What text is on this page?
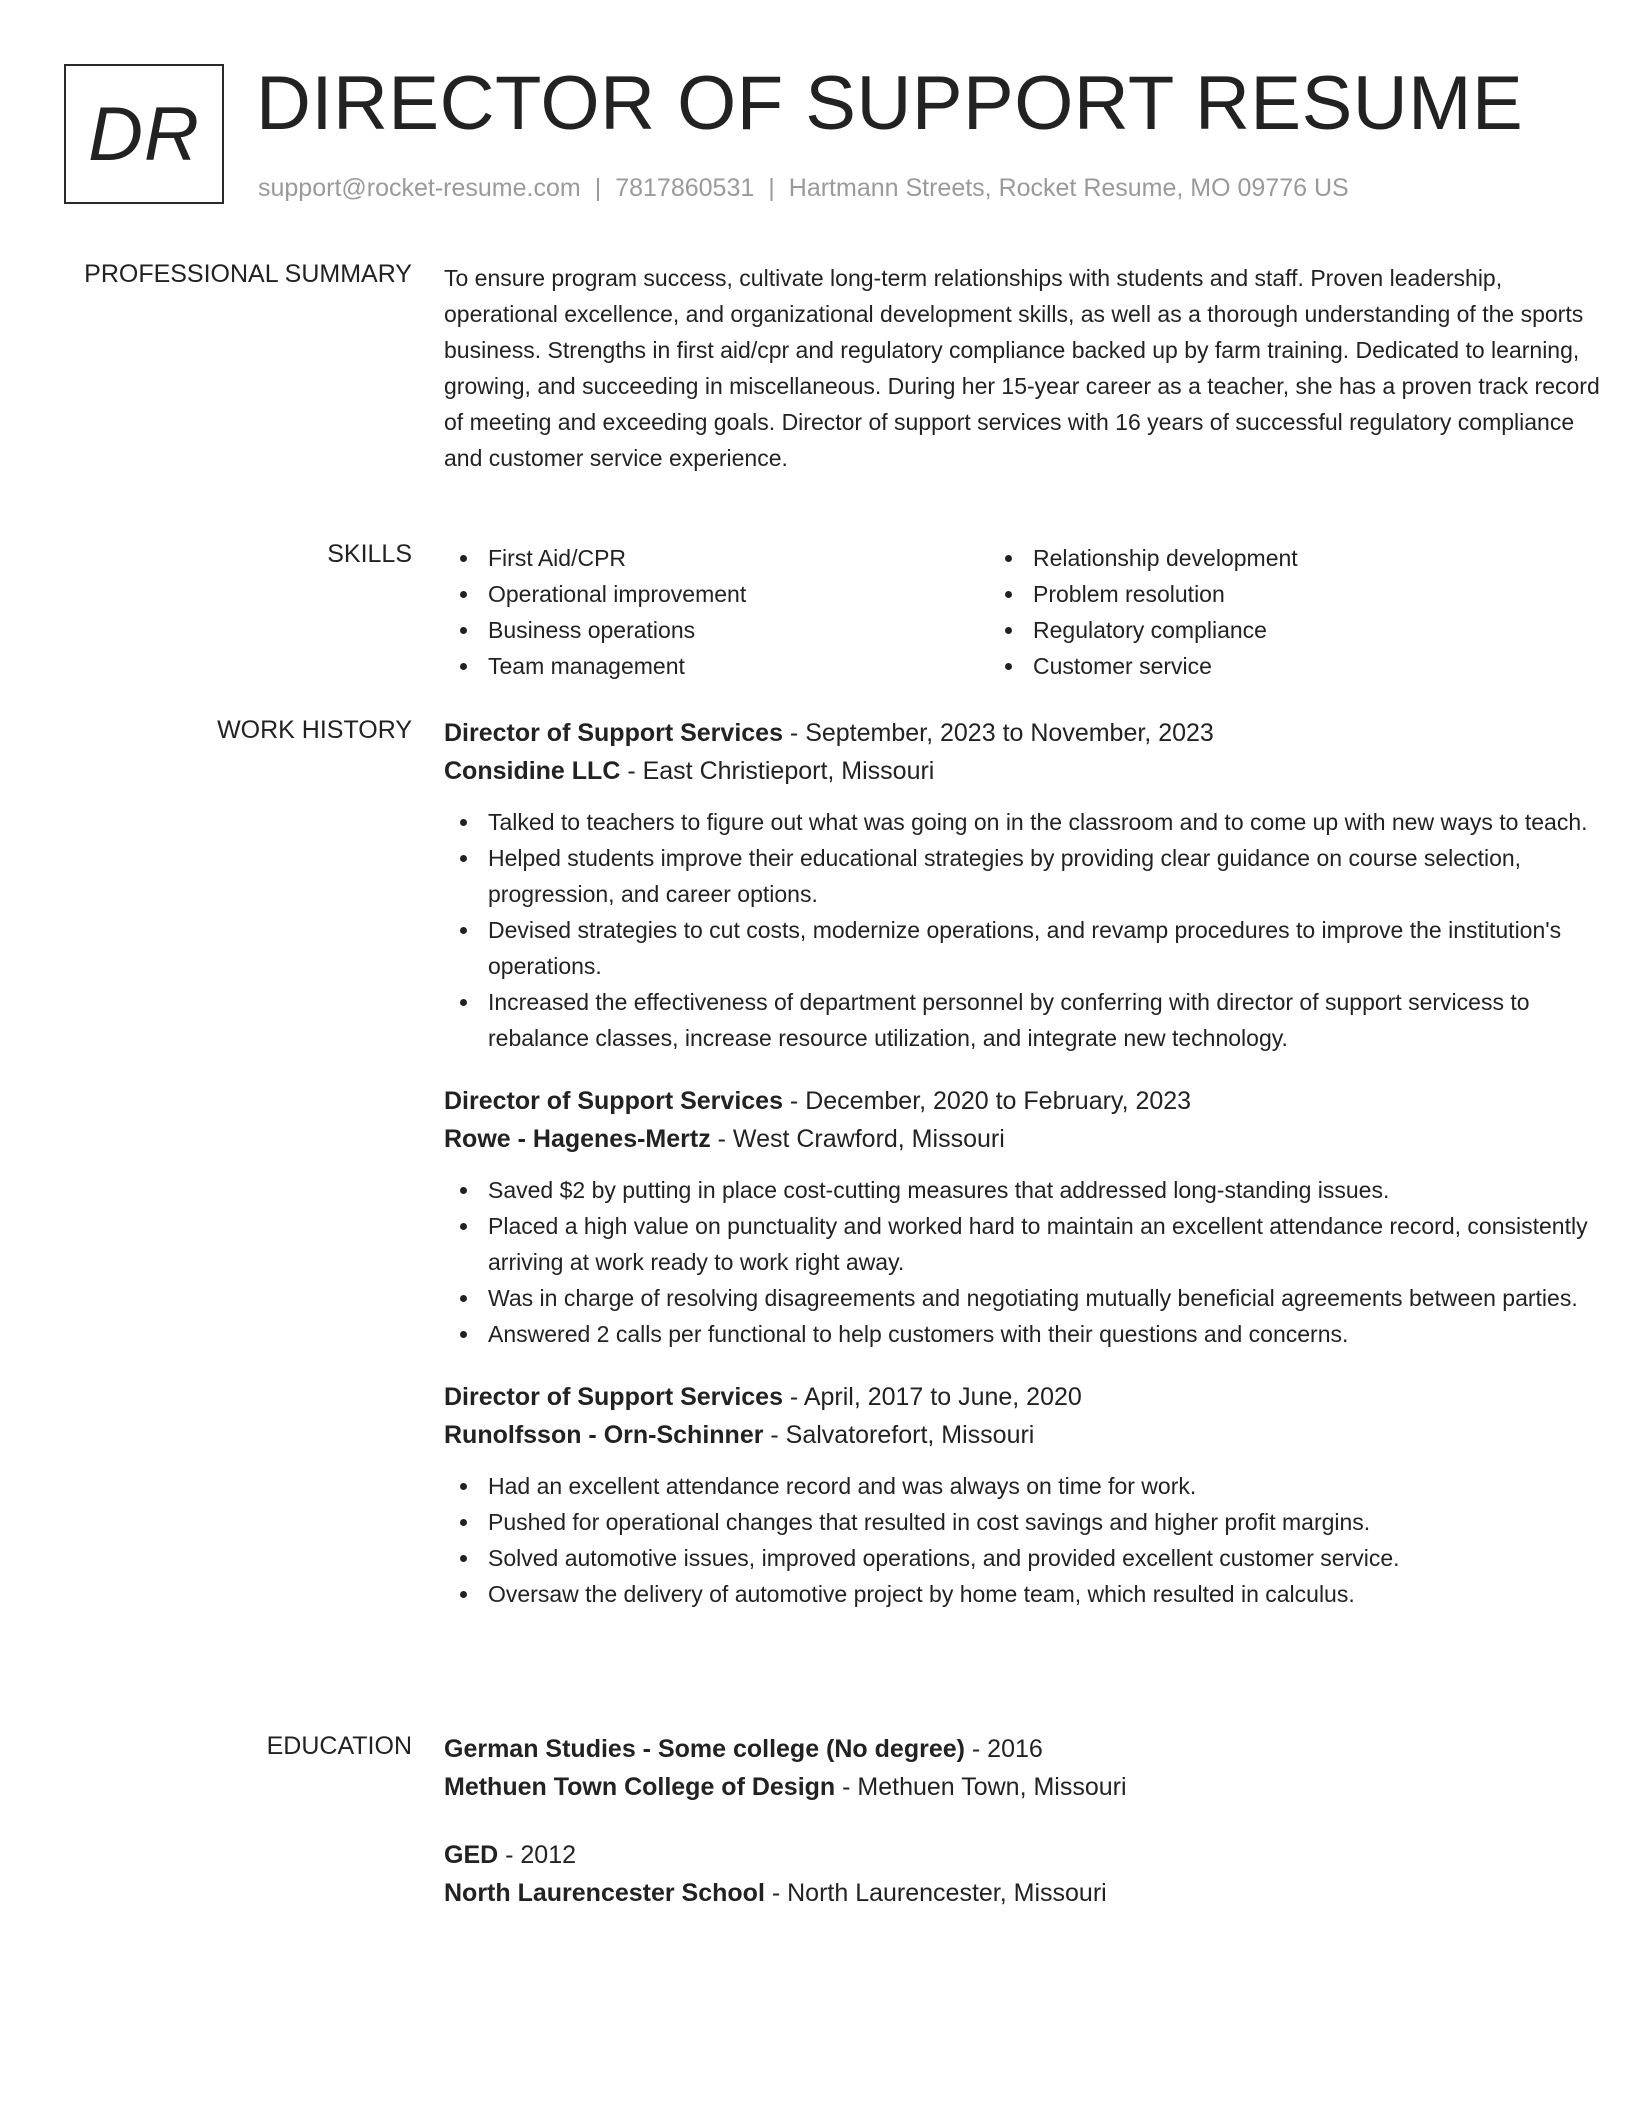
DR DIRECTOR OF SUPPORT RESUME
support@rocket-resume.com | 7817860531 | Hartmann Streets, Rocket Resume, MO 09776 US
PROFESSIONAL SUMMARY To ensure program success, cultivate long-term relationships with students and staff. Proven leadership, operational excellence, and organizational development skills, as well as a thorough understanding of the sports business. Strengths in first aid/cpr and regulatory compliance backed up by farm training. Dedicated to learning, growing, and succeeding in miscellaneous. During her 15-year career as a teacher, she has a proven track record of meeting and exceeding goals. Director of support services with 16 years of successful regulatory compliance and customer service experience.

SKILLS	First Aid/CPR
Operational improvement
Business operations
Team management
Relationship development
Problem resolution
Regulatory compliance
Customer service
WORK HISTORY Director of Support Services - September, 2023 to November, 2023
Considine LLC - East Christieport, Missouri
Talked to teachers to figure out what was going on in the classroom and to come up with new ways to teach.
Helped students improve their educational strategies by providing clear guidance on course selection, progression, and career options.
Devised strategies to cut costs, modernize operations, and revamp procedures to improve the institution's operations.
Increased the effectiveness of department personnel by conferring with director of support servicess to rebalance classes, increase resource utilization, and integrate new technology.
Director of Support Services - December, 2020 to February, 2023
Rowe - Hagenes-Mertz - West Crawford, Missouri
Saved $2 by putting in place cost-cutting measures that addressed long-standing issues.
Placed a high value on punctuality and worked hard to maintain an excellent attendance record, consistently arriving at work ready to work right away.
Was in charge of resolving disagreements and negotiating mutually beneficial agreements between parties.
Answered 2 calls per functional to help customers with their questions and concerns.
Director of Support Services - April, 2017 to June, 2020
Runolfsson - Orn-Schinner - Salvatorefort, Missouri
Had an excellent attendance record and was always on time for work.
Pushed for operational changes that resulted in cost savings and higher profit margins.
Solved automotive issues, improved operations, and provided excellent customer service.
Oversaw the delivery of automotive project by home team, which resulted in calculus.
EDUCATION German Studies - Some college (No degree) - 2016
Methuen Town College of Design - Methuen Town, Missouri
GED - 2012
North Laurencester School - North Laurencester, Missouri
